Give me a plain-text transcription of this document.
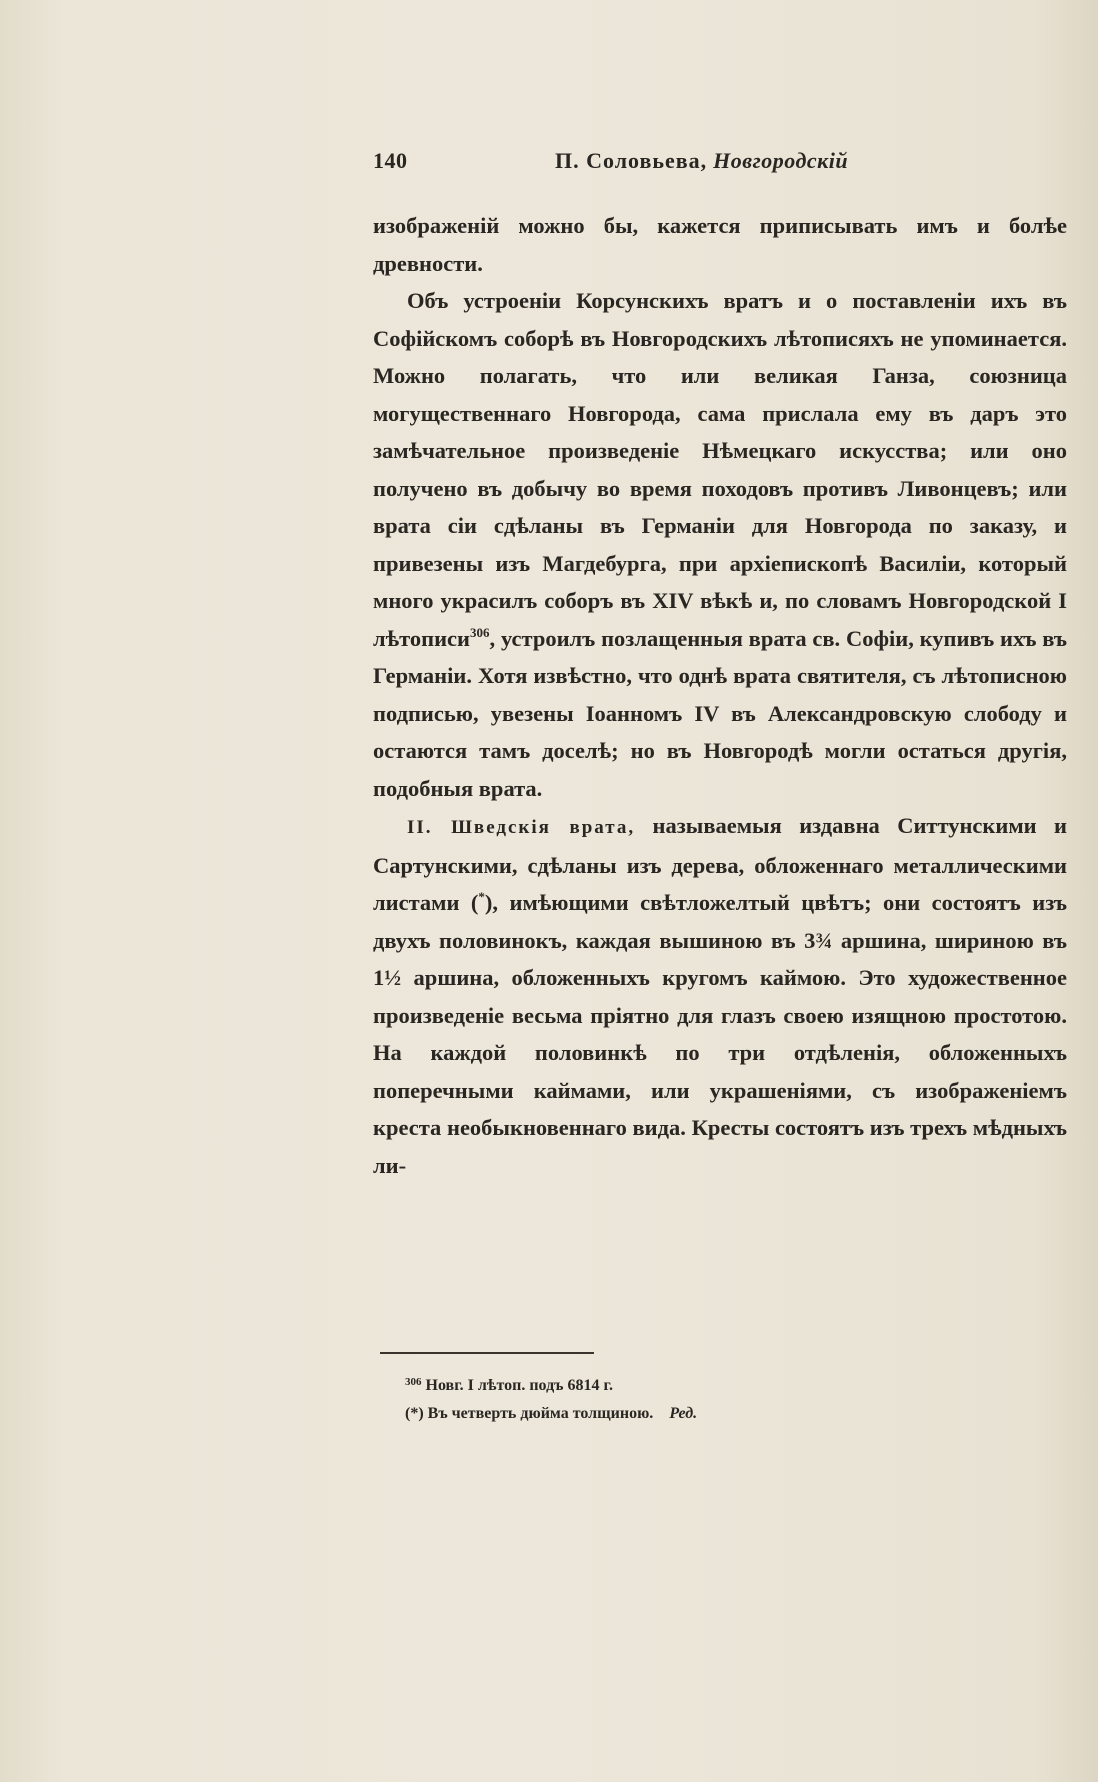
140	П. Соловьева, Новгородскiй

изображенiй можно бы, кажется приписывать имъ и болѣе древности.

Объ устроенiи Корсунскихъ вратъ и о поставленiи ихъ въ Софiйскомъ соборѣ въ Новгородскихъ лѣтописяхъ не упоминается. Можно полагать, что или великая Ганза, союзница могущественнаго Новгорода, сама прислала ему въ даръ это замѣчательное произведенiе Нѣмецкаго искусства; или оно получено въ добычу во время походовъ противъ Ливонцевъ; или врата сiи сдѣланы въ Германiи для Новгорода по заказу, и привезены изъ Магдебурга, при архiепископѣ Василiи, который много украсилъ соборъ въ XIV вѣкѣ и, по словамъ Новгородской I лѣтописи$^{306}$, устроилъ позлащенныя врата св. Софiи, купивъ ихъ въ Германiи. Хотя извѣстно, что однѣ врата святителя, съ лѣтописною подписью, увезены Iоанномъ IV въ Александровскую слободу и остаются тамъ доселѣ; но въ Новгородѣ могли остаться другiя, подобныя врата.

II. Шведскiя врата, называемыя издавна Ситтунскими и Сартунскими, сдѣланы изъ дерева, обложеннаго металлическими листами (*), имѣющими свѣтложелтый цвѣтъ; они состоятъ изъ двухъ половинокъ, каждая вышиною въ 3¾ аршина, шириною въ 1½ аршина, обложенныхъ кругомъ каймою. Это художественное произведенiе весьма прiятно для глазъ своею изящною простотою. На каждой половинкѣ по три отдѣленiя, обложенныхъ поперечными каймами, или украшенiями, съ изображенiемъ креста необыкновеннаго вида. Кресты состоятъ изъ трехъ мѣдныхъ ли-

$^{306}$ Новг. I лѣтоп. подъ 6814 г.
(*) Въ четверть дюйма толщиною. Ред.
